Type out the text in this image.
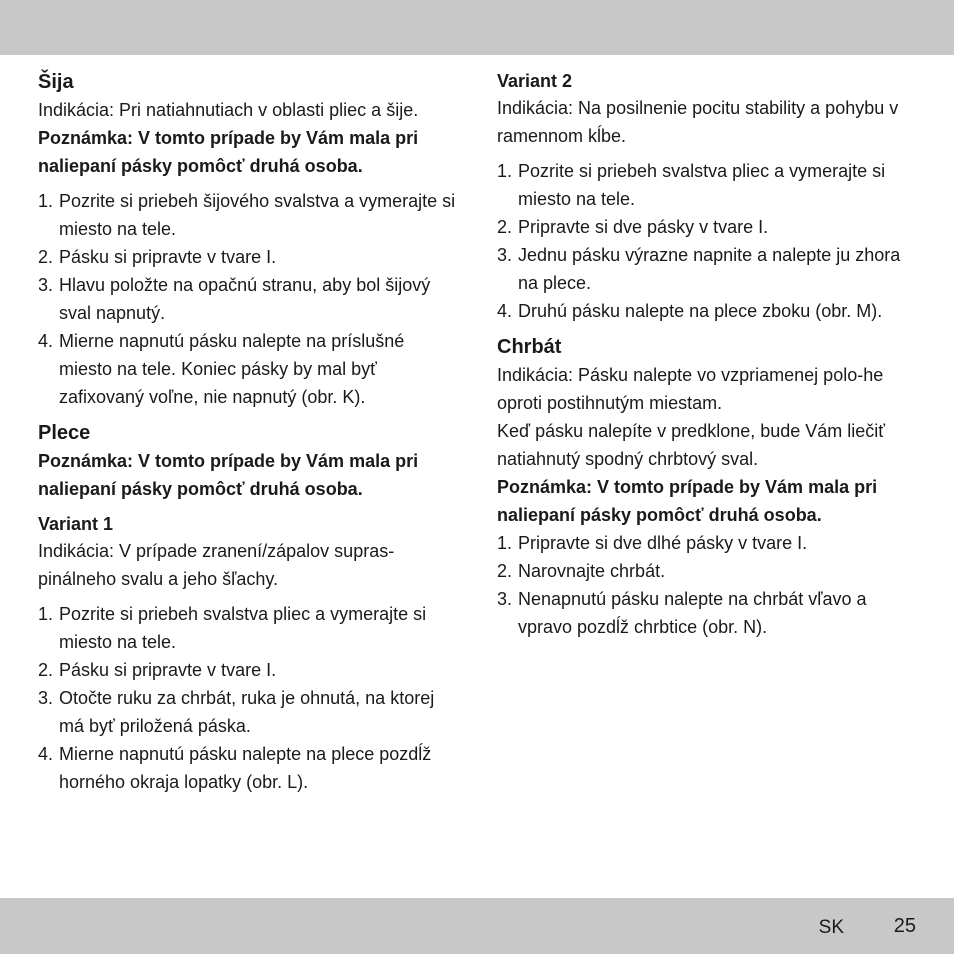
Šija

Indikácia: Pri natiahnutiach v oblasti pliec a šije.

Poznámka: V tomto prípade by Vám mala pri naliepaní pásky pomôcť druhá osoba.

1. Pozrite si priebeh šijového svalstva a vymerajte si miesto na tele.
2. Pásku si pripravte v tvare I.
3. Hlavu položte na opačnú stranu, aby bol šijový sval napnutý.
4. Mierne napnutú pásku nalepte na príslušné miesto na tele. Koniec pásky by mal byť zafixovaný voľne, nie napnutý (obr. K).
Plece

Poznámka: V tomto prípade by Vám mala pri naliepaní pásky pomôcť druhá osoba.

Variant 1

Indikácia: V prípade zranení/zápalov supras-pinálneho svalu a jeho šľachy.

1. Pozrite si priebeh svalstva pliec a vymerajte si miesto na tele.
2. Pásku si pripravte v tvare I.
3. Otočte ruku za chrbát, ruka je ohnutá, na ktorej má byť priložená páska.
4. Mierne napnutú pásku nalepte na plece pozdĺž horného okraja lopatky (obr. L).
Variant 2

Indikácia: Na posilnenie pocitu stability a pohybu v ramennom kĺbe.

1. Pozrite si priebeh svalstva pliec a vymerajte si miesto na tele.
2. Pripravte si dve pásky v tvare I.
3. Jednu pásku výrazne napnite a nalepte ju zhora na plece.
4. Druhú pásku nalepte na plece zboku (obr. M).
Chrbát

Indikácia: Pásku nalepte vo vzpriamenej polo-he oproti postihnutým miestam.

Keď pásku nalepíte v predklone, bude Vám liečiť natiahnutý spodný chrbtový sval.

Poznámka: V tomto prípade by Vám mala pri naliepaní pásky pomôcť druhá osoba.

1. Pripravte si dve dlhé pásky v tvare I.
2. Narovnajte chrbát.
3. Nenapnutú pásku nalepte na chrbát vľavo a vpravo pozdĺž chrbtice (obr. N).
SK 25
